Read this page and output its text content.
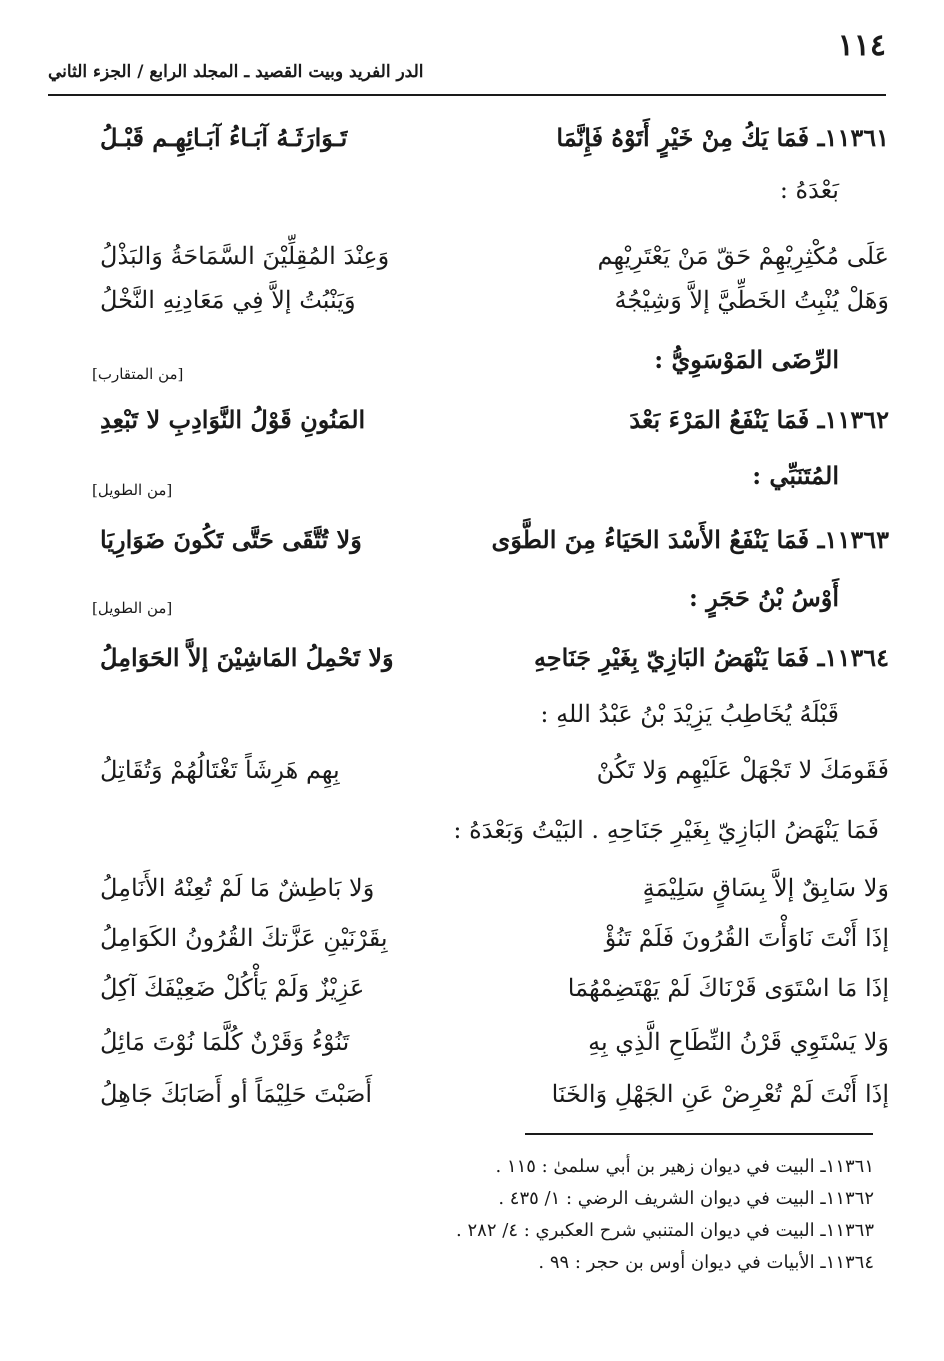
١١٤
الدر الفريد وبيت القصيد ـ المجلد الرابع / الجزء الثاني
١١٣٦١ـ فَمَا يَكُ مِنْ خَيْرٍ أَتَوْهُ فَإِنَّمَا
تَـوَارَثَـهُ آبَـاءُ آبَـائِهِـم قَبْـلُ
بَعْدَهُ :
عَلَى مُكْثِرِيْهِمْ حَقّ مَنْ يَعْتَرِيْهِم
وَعِنْدَ المُقِلِّيْنَ السَّمَاحَةُ وَالبَذْلُ
وَهَلْ يُنْبِتُ الخَطِّيَّ إلاَّ وَشِيْجُهُ
وَيَنْبُتُ إلاَّ فِي مَعَادِنِهِ النَّخْلُ
الرِّضَى المَوْسَوِيُّ :
[من المتقارب]
١١٣٦٢ـ فَمَا يَنْفَعُ المَرْءَ بَعْدَ
المَنُونِ قَوْلُ النَّوَادِبِ لا تَبْعِدِ
المُتَنَبِّي :
[من الطويل]
١١٣٦٣ـ فَمَا يَنْفَعُ الأَسْدَ الحَيَاءُ مِنَ الطَّوَى
وَلا تُتَّقَى حَتَّى تَكُونَ ضَوَارِيَا
أَوْسُ بْنُ حَجَرٍ :
[من الطويل]
١١٣٦٤ـ فَمَا يَنْهَضُ البَازِيّ بِغَيْرِ جَنَاحِهِ
وَلا تَحْمِلُ المَاشِيْنَ إلاَّ الحَوَامِلُ
قَبْلَهُ يُخَاطِبُ يَزِيْدَ بْنُ عَبْدُ اللهِ :
فَقَومَكَ لا تَجْهَلْ عَلَيْهِم وَلا تَكُنْ
بِهِم هَرِشَاً تَغْتَالُهُمْ وَتُقَاتِلُ
فَمَا يَنْهَضُ البَازِيّ بِغَيْرِ جَنَاحِهِ . البَيْتُ وَبَعْدَهُ :
وَلا سَابِقٌ إلاَّ بِسَاقٍ سَلِيْمَةٍ
وَلا بَاطِشٌ مَا لَمْ تُعِنْهُ الأَنَامِلُ
إذَا أَنْتَ نَاوَأْتَ القُرُونَ فَلَمْ تَنُؤْ
بِقَرْنَيْنِ عَزَّتكَ القُرُونُ الكَوَامِلُ
إذَا مَا اسْتَوَى قَرْنَاكَ لَمْ يَهْتَضِمْهُمَا
عَزِيْزٌ وَلَمْ يَأْكُلْ ضَعِيْفَكَ آكِلُ
وَلا يَسْتَوِي قَرْنُ النِّطَاحِ الَّذِي بِهِ
تَنُوْءُ وَقَرْنٌ كُلَّمَا نُوْتَ مَائِلُ
إذَا أَنْتَ لَمْ تُعْرِضْ عَنِ الجَهْلِ وَالخَنَا
أَصَبْتَ حَلِيْمَاً أو أَصَابَكَ جَاهِلُ
١١٣٦١ـ البيت في ديوان زهير بن أبي سلمىٰ : ١١٥ .
١١٣٦٢ـ البيت في ديوان الشريف الرضي : ١/ ٤٣٥ .
١١٣٦٣ـ البيت في ديوان المتنبي شرح العكبري : ٤/ ٢٨٢ .
١١٣٦٤ـ الأبيات في ديوان أوس بن حجر : ٩٩ .
